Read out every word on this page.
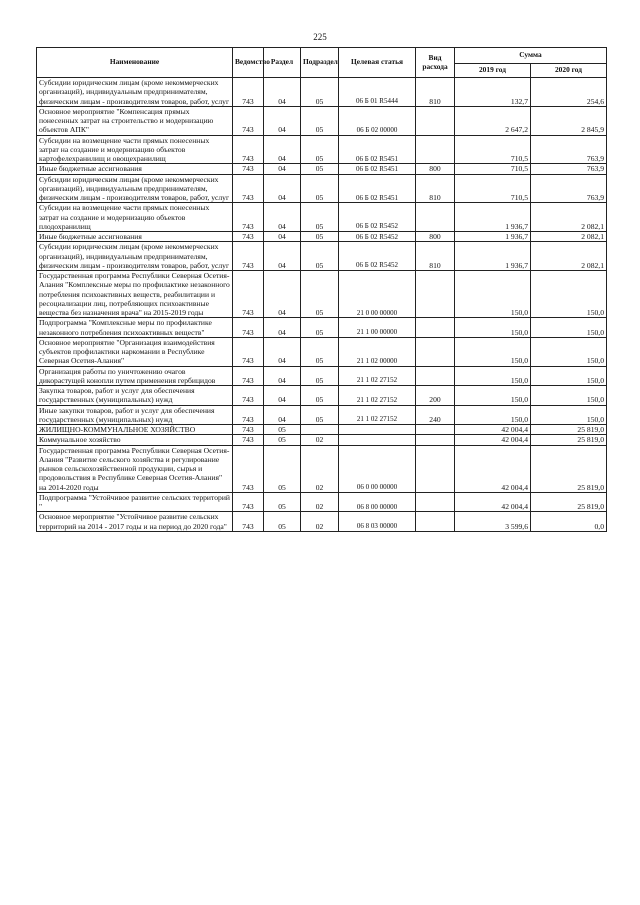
225
Наименование	Ведомство	Раздел	Подраздел	Целевая статья	Вид расхода	Сумма	
						2019 год	2020 год
Субсидии юридическим лицам (кроме некоммерческих организаций), индивидуальным предпринимателям, физическим лицам - производителям товаров, работ, услуг	743	04	05	06 Б 01 R5444	810	132,7	254,6
Основное мероприятие "Компенсация прямых понесенных затрат на строительство и модернизацию объектов АПК"	743	04	05	06 Б 02 00000		2 647,2	2 845,9
Субсидии на возмещение части прямых понесенных затрат на создание и модернизацию объектов картофелехранилищ и овощехранилищ	743	04	05	06 Б 02 R5451		710,5	763,9
Иные бюджетные ассигнования	743	04	05	06 Б 02 R5451	800	710,5	763,9
Субсидии юридическим лицам (кроме некоммерческих организаций), индивидуальным предпринимателям, физическим лицам - производителям товаров, работ, услуг	743	04	05	06 Б 02 R5451	810	710,5	763,9
Субсидии на возмещение части прямых понесенных затрат на создание и модернизацию объектов плодохранилищ	743	04	05	06 Б 02 R5452		1 936,7	2 082,1
Иные бюджетные ассигнования	743	04	05	06 Б 02 R5452	800	1 936,7	2 082,1
Субсидии юридическим лицам (кроме некоммерческих организаций), индивидуальным предпринимателям, физическим лицам - производителям товаров, работ, услуг	743	04	05	06 Б 02 R5452	810	1 936,7	2 082,1
Государственная программа Республики Северная Осетия-Алания "Комплексные меры по профилактике незаконного потребления психоактивных веществ, реабилитации и ресоциализации лиц, потребляющих психоактивные вещества без назначения врача" на 2015-2019 годы	743	04	05	21 0 00 00000		150,0	150,0
Подпрограмма "Комплексные меры по профилактике незаконного потребления психоактивных веществ"	743	04	05	21 1 00 00000		150,0	150,0
Основное мероприятие "Организация взаимодействия субъектов профилактики наркомании в Республике Северная Осетия-Алания"	743	04	05	21 1 02 00000		150,0	150,0
Организация работы по уничтожению очагов дикорастущей конопли путем применения гербицидов	743	04	05	21 1 02 27152		150,0	150,0
Закупка товаров, работ и услуг для обеспечения государственных (муниципальных) нужд	743	04	05	21 1 02 27152	200	150,0	150,0
Иные закупки товаров, работ и услуг для обеспечения государственных (муниципальных) нужд	743	04	05	21 1 02 27152	240	150,0	150,0
ЖИЛИЩНО-КОММУНАЛЬНОЕ ХОЗЯЙСТВО	743	05				42 004,4	25 819,0
Коммунальное хозяйство	743	05	02			42 004,4	25 819,0
Государственная программа Республики Северная Осетия-Алания "Развитие сельского хозяйства и регулирование рынков сельскохозяйственной продукции, сырья и продовольствия в Республике Северная Осетия-Алания" на 2014-2020 годы	743	05	02	06 0 00 00000		42 004,4	25 819,0
Подпрограмма "Устойчивое развитие сельских территорий "	743	05	02	06 8 00 00000		42 004,4	25 819,0
Основное мероприятие "Устойчивое развитие сельских территорий на 2014 - 2017 годы и на период до 2020 года"	743	05	02	06 8 03 00000		3 599,6	0,0
